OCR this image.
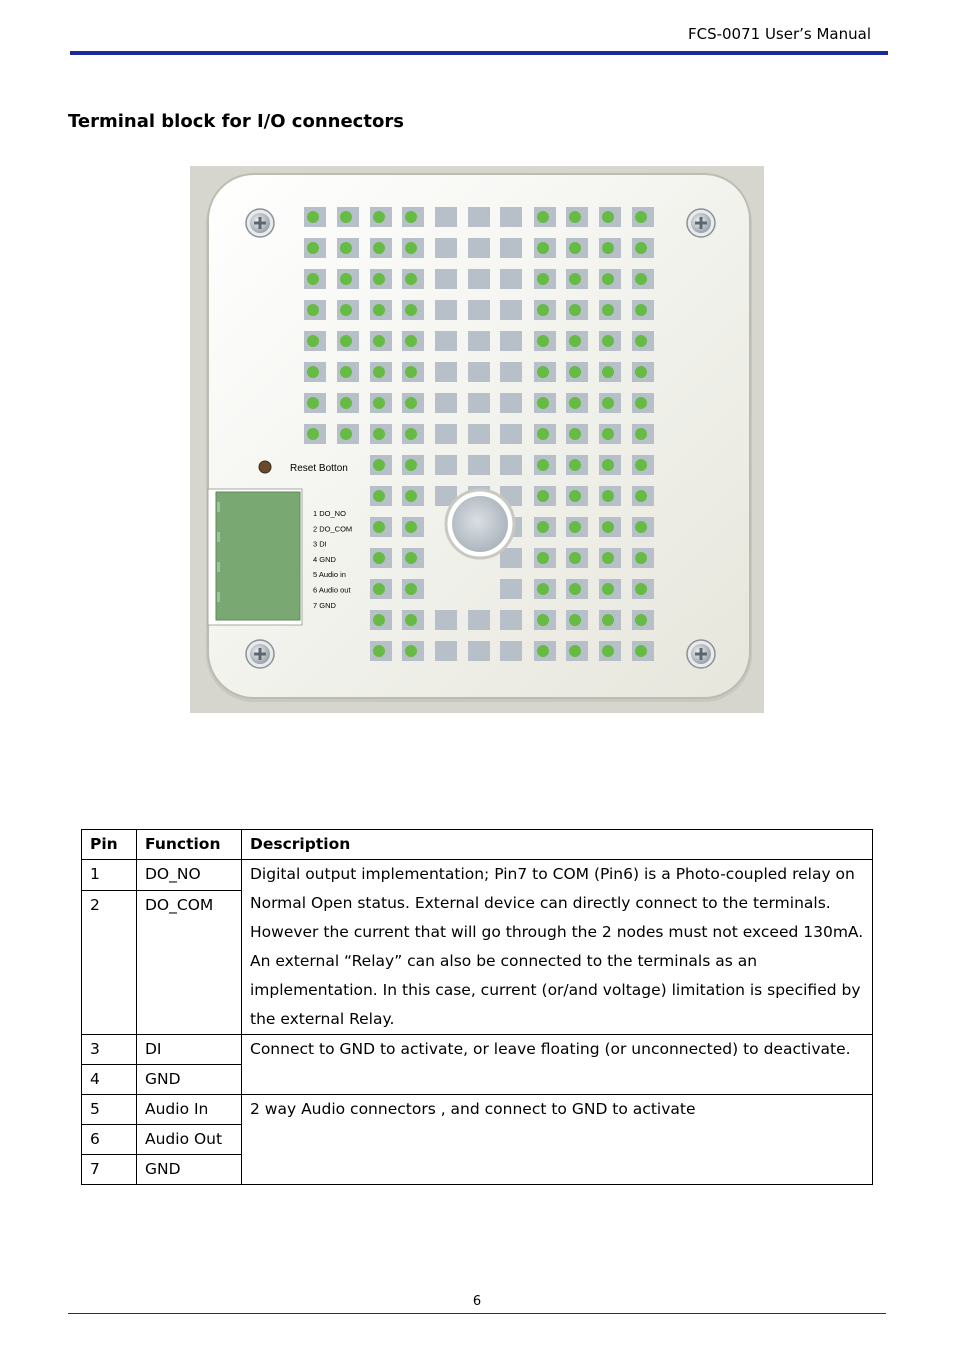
FCS-0071 User’s Manual
Terminal block for I/O connectors
Reset Botton
1 DO_NO
2 DO_COM
3 DI
4 GND
5 Audio in
6 Audio out
7 GND
Pin	Function	Description
1	DO_NO	Digital output implementation; Pin7 to COM (Pin6) is a Photo-coupled relay on Normal Open status. External device can directly connect to the terminals. However the current that will go through the 2 nodes must not exceed 130mA. An external “Relay” can also be connected to the terminals as an implementation. In this case, current (or/and voltage) limitation is specified by the external Relay.
2	DO_COM	
3	DI	Connect to GND to activate, or leave floating (or unconnected) to deactivate.
4	GND	
5	Audio In	2 way Audio connectors , and connect to GND to activate
6	Audio Out	
7	GND	
6
